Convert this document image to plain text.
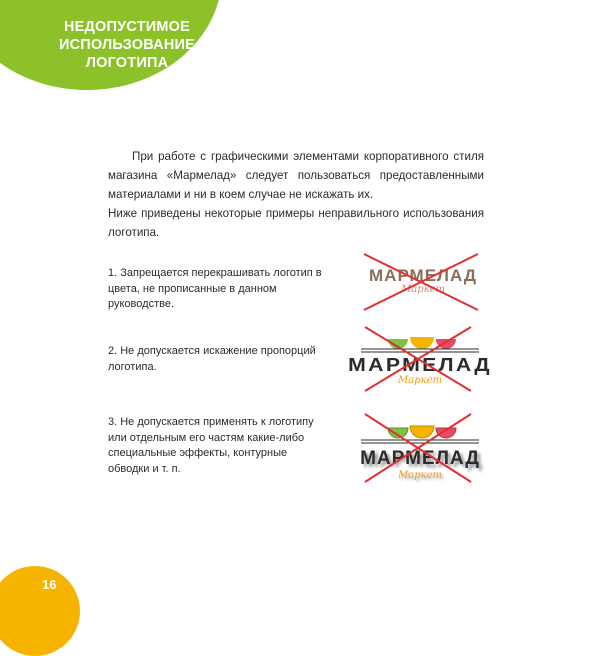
НЕДОПУСТИМОЕ
ИСПОЛЬЗОВАНИЕ
ЛОГОТИПА

При работе с графическими элементами корпоративного стиля магазина «Мармелад» следует пользоваться предоставленными материалами и ни в коем случае не искажать их.

Ниже приведены некоторые примеры неправильного использования логотипа.

1. Запрещается перекрашивать логотип в цвета, не прописанные в данном руководстве.
МАРМЕЛАД
Маркет
2. Не допускается искажение пропорций логотипа.	МАРМЕЛАД
Маркет
3. Не допускается применять к логотипу или отдельным его частям какие-либо специальные эффекты, контурные обводки и т. п.	МАРМЕЛАД
Маркет
16
